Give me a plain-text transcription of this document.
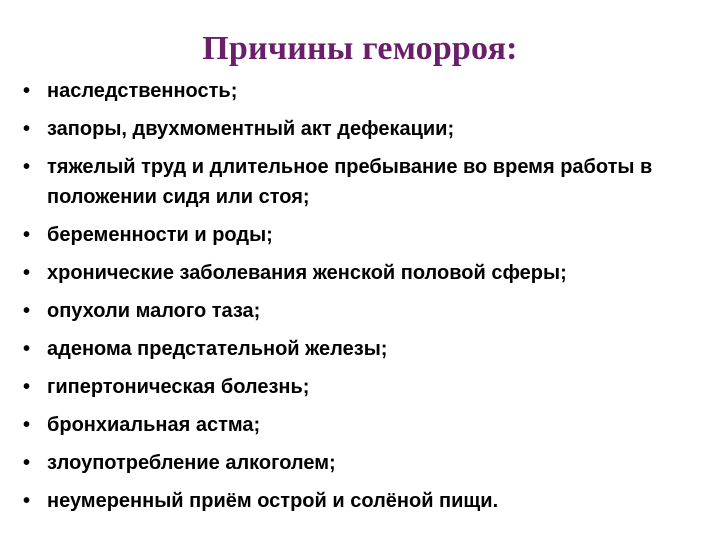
Причины геморроя:
• наследственность;
• запоры, двухмоментный акт дефекации;
• тяжелый труд и длительное пребывание во время работы в положении сидя или стоя;
• беременности и роды;
• хронические заболевания женской половой сферы;
• опухоли малого таза;
• аденома предстательной железы;
• гипертоническая болезнь;
• бронхиальная астма;
• злоупотребление алкоголем;
• неумеренный приём острой и солёной пищи.
